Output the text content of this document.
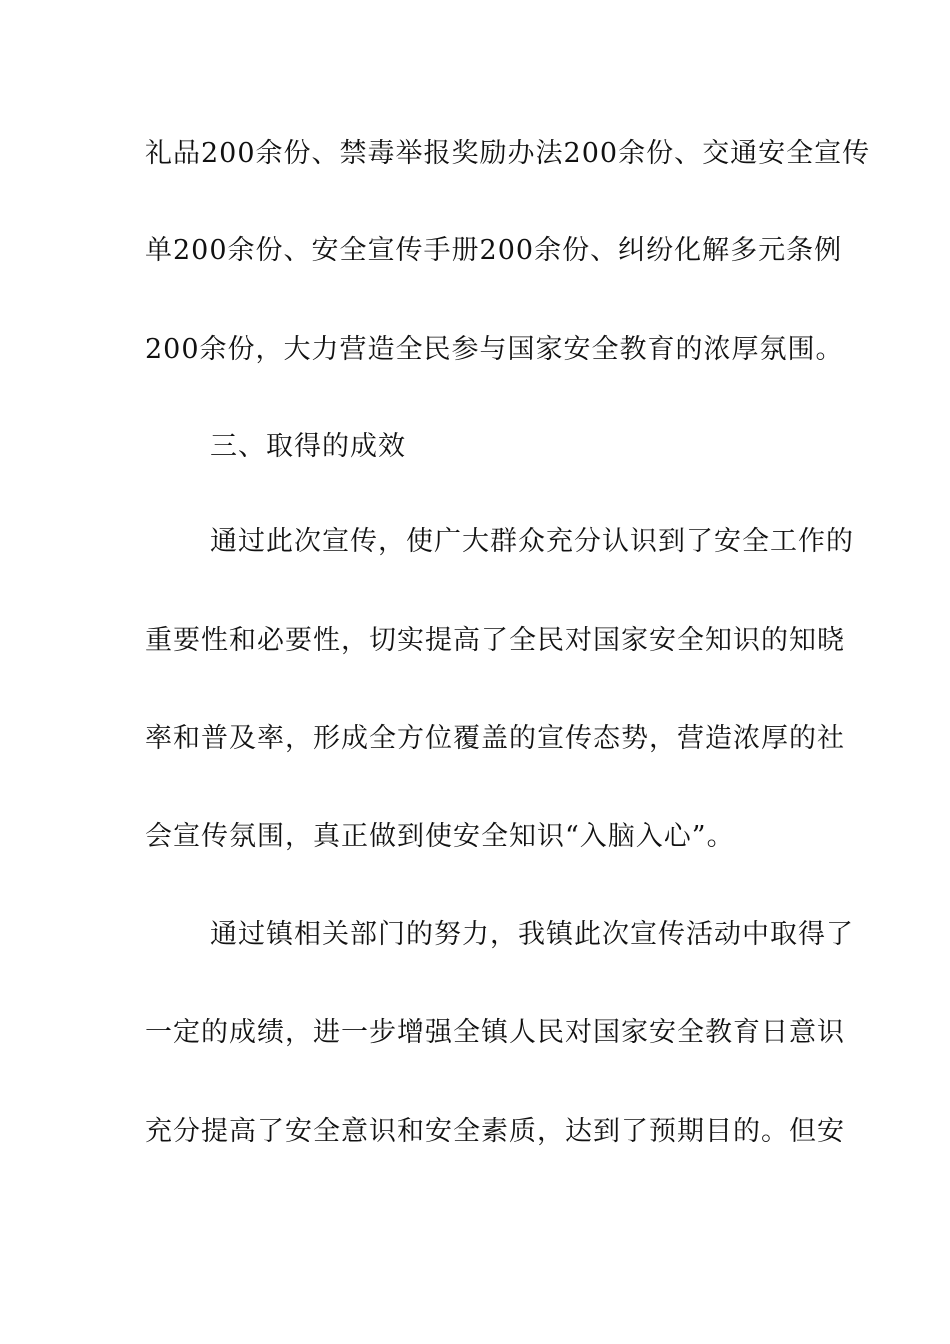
礼品200余份、禁毒举报奖励办法200余份、交通安全宣传
单200余份、安全宣传手册200余份、纠纷化解多元条例
200余份，大力营造全民参与国家安全教育的浓厚氛围。
三、取得的成效
通过此次宣传，使广大群众充分认识到了安全工作的
重要性和必要性，切实提高了全民对国家安全知识的知晓
率和普及率，形成全方位覆盖的宣传态势，营造浓厚的社
会宣传氛围，真正做到使安全知识“入脑入心”。
通过镇相关部门的努力，我镇此次宣传活动中取得了
一定的成绩，进一步增强全镇人民对国家安全教育日意识
充分提高了安全意识和安全素质，达到了预期目的。但安
